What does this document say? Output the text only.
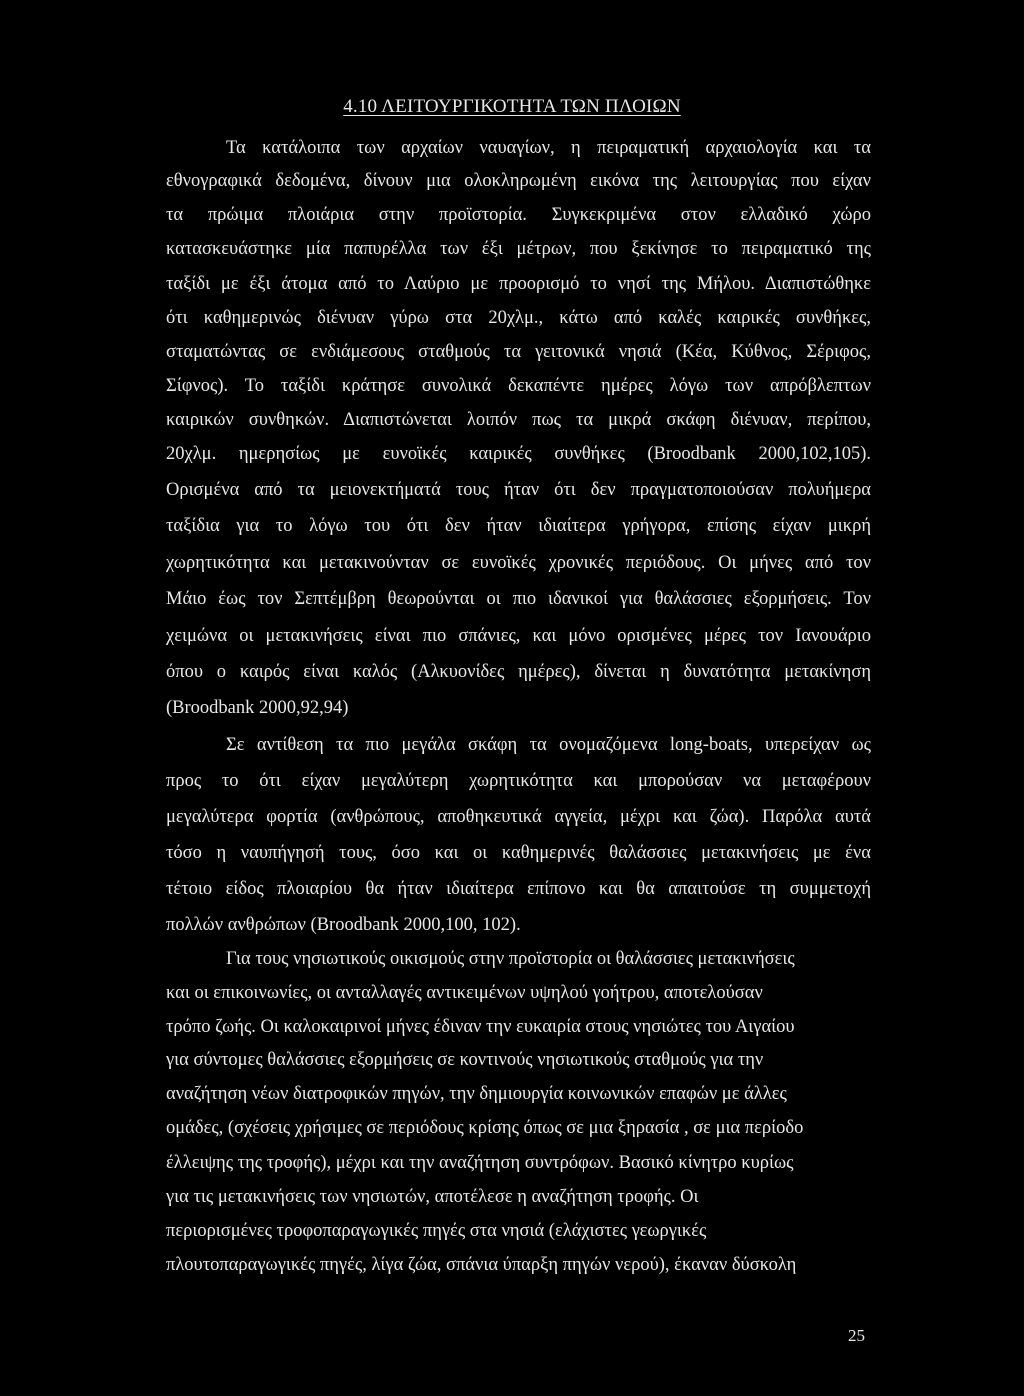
4.10 ΛΕΙΤΟΥΡΓΙΚΟΤΗΤΑ ΤΩΝ ΠΛΟΙΩΝ

Τα κατάλοιπα των αρχαίων ναυαγίων, η πειραματική αρχαιολογία και τα

εθνογραφικά δεδομένα, δίνουν μια ολοκληρωμένη εικόνα της λειτουργίας που είχαν

τα πρώιμα πλοιάρια στην προϊστορία. Συγκεκριμένα στον ελλαδικό χώρο

κατασκευάστηκε μία παπυρέλλα των έξι μέτρων, που ξεκίνησε το πειραματικό της

ταξίδι με έξι άτομα από το Λαύριο με προορισμό το νησί της Μήλου. Διαπιστώθηκε

ότι καθημερινώς διένυαν γύρω στα 20χλμ., κάτω από καλές καιρικές συνθήκες,

σταματώντας σε ενδιάμεσους σταθμούς τα γειτονικά νησιά (Κέα, Κύθνος, Σέριφος,

Σίφνος). Το ταξίδι κράτησε συνολικά δεκαπέντε ημέρες λόγω των απρόβλεπτων

καιρικών συνθηκών. Διαπιστώνεται λοιπόν πως τα μικρά σκάφη διένυαν, περίπου,

20χλμ. ημερησίως με ευνοϊκές καιρικές συνθήκες (Broodbank 2000,102,105).

Ορισμένα από τα μειονεκτήματά τους ήταν ότι δεν πραγματοποιούσαν πολυήμερα

ταξίδια για το λόγω του ότι δεν ήταν ιδιαίτερα γρήγορα, επίσης είχαν μικρή

χωρητικότητα και μετακινούνταν σε ευνοϊκές χρονικές περιόδους. Οι μήνες από τον

Μάιο έως τον Σεπτέμβρη θεωρούνται οι πιο ιδανικοί για θαλάσσιες εξορμήσεις. Τον

χειμώνα οι μετακινήσεις είναι πιο σπάνιες, και μόνο ορισμένες μέρες τον Ιανουάριο

όπου ο καιρός είναι καλός (Αλκυονίδες ημέρες), δίνεται η δυνατότητα μετακίνηση

(Broodbank 2000,92,94)

Σε αντίθεση τα πιο μεγάλα σκάφη τα ονομαζόμενα long-boats, υπερείχαν ως

προς το ότι είχαν μεγαλύτερη χωρητικότητα και μπορούσαν να μεταφέρουν

μεγαλύτερα φορτία (ανθρώπους, αποθηκευτικά αγγεία, μέχρι και ζώα). Παρόλα αυτά

τόσο η ναυπήγησή τους, όσο και οι καθημερινές θαλάσσιες μετακινήσεις με ένα

τέτοιο είδος πλοιαρίου θα ήταν ιδιαίτερα επίπονο και θα απαιτούσε τη συμμετοχή

πολλών ανθρώπων (Broodbank 2000,100, 102).

Για τους νησιωτικούς οικισμούς στην προϊστορία οι θαλάσσιες μετακινήσεις

και οι επικοινωνίες, οι ανταλλαγές αντικειμένων υψηλού γοήτρου, αποτελούσαν

τρόπο ζωής. Οι καλοκαιρινοί μήνες έδιναν την ευκαιρία στους νησιώτες του Αιγαίου

για σύντομες θαλάσσιες εξορμήσεις σε κοντινούς νησιωτικούς σταθμούς για την

αναζήτηση νέων διατροφικών πηγών, την δημιουργία κοινωνικών επαφών με άλλες

ομάδες, (σχέσεις χρήσιμες σε περιόδους κρίσης όπως σε μια ξηρασία , σε μια περίοδο

έλλειψης της τροφής), μέχρι και την αναζήτηση συντρόφων. Βασικό κίνητρο κυρίως

για τις μετακινήσεις των νησιωτών, αποτέλεσε η αναζήτηση τροφής. Οι

περιορισμένες τροφοπαραγωγικές πηγές στα νησιά (ελάχιστες γεωργικές

πλουτοπαραγωγικές πηγές, λίγα ζώα, σπάνια ύπαρξη πηγών νερού), έκαναν δύσκολη

25
